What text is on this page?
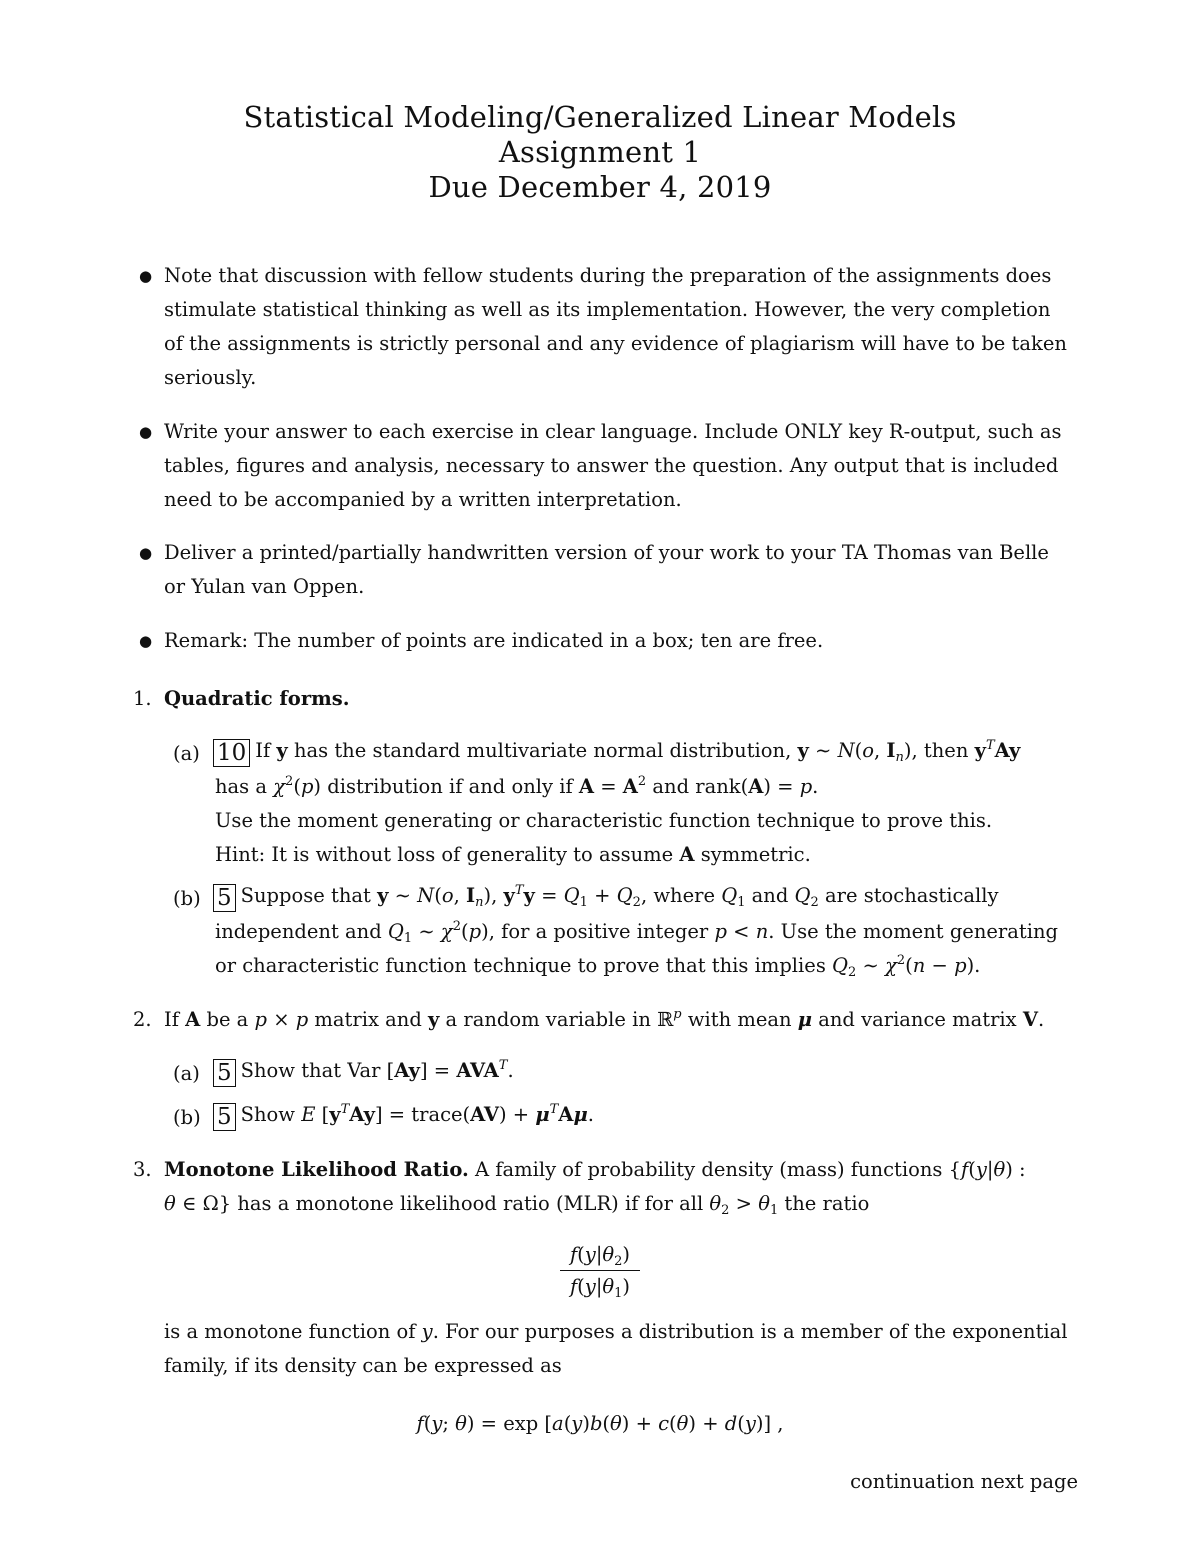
Statistical Modeling/Generalized Linear Models
Assignment 1
Due December 4, 2019
● Note that discussion with fellow students during the preparation of the assignments does
stimulate statistical thinking as well as its implementation. However, the very completion
of the assignments is strictly personal and any evidence of plagiarism will have to be taken
seriously.
● Write your answer to each exercise in clear language. Include ONLY key R-output, such as
tables, figures and analysis, necessary to answer the question. Any output that is included
need to be accompanied by a written interpretation.
● Deliver a printed/partially handwritten version of your work to your TA Thomas van Belle
or Yulan van Oppen.
● Remark: The number of points are indicated in a box; ten are free.
1. Quadratic forms.
(a) 10 If y has the standard multivariate normal distribution, y ∼ N(o, $I_n$), then $y^TAy$
has a $\chi^2(p)$ distribution if and only if $A = A^2$ and rank(A) = p.
Use the moment generating or characteristic function technique to prove this.
Hint: It is without loss of generality to assume A symmetric.
(b) 5 Suppose that y ∼ N(o, $I_n$), $y^Ty = Q_1 + Q_2$, where $Q_1$ and $Q_2$ are stochastically
independent and $Q_1$ ∼ $\chi^2(p)$, for a positive integer p < n. Use the moment generating
or characteristic function technique to prove that this implies $Q_2$ ∼ $\chi^2(n - p)$.
2. If A be a p × p matrix and y a random variable in ℝ$^p$ with mean μ and variance matrix V.
(a) 5 Show that Var $[Ay] = AVA^T$.
(b) 5 Show E $[y^TAy]$ = trace(AV) + $\mu^TA\mu$.
3. Monotone Likelihood Ratio. A family of probability density (mass) functions {f(y|θ) :
θ ∈ Ω} has a monotone likelihood ratio (MLR) if for all $\theta_2 > \theta_1$ the ratio
$f(y|\theta_2)$
$f(y|\theta_1)$
is a monotone function of y. For our purposes a distribution is a member of the exponential
family, if its density can be expressed as
f(y; θ) = exp [a(y)b(θ) + c(θ) + d(y)] ,
continuation next page
